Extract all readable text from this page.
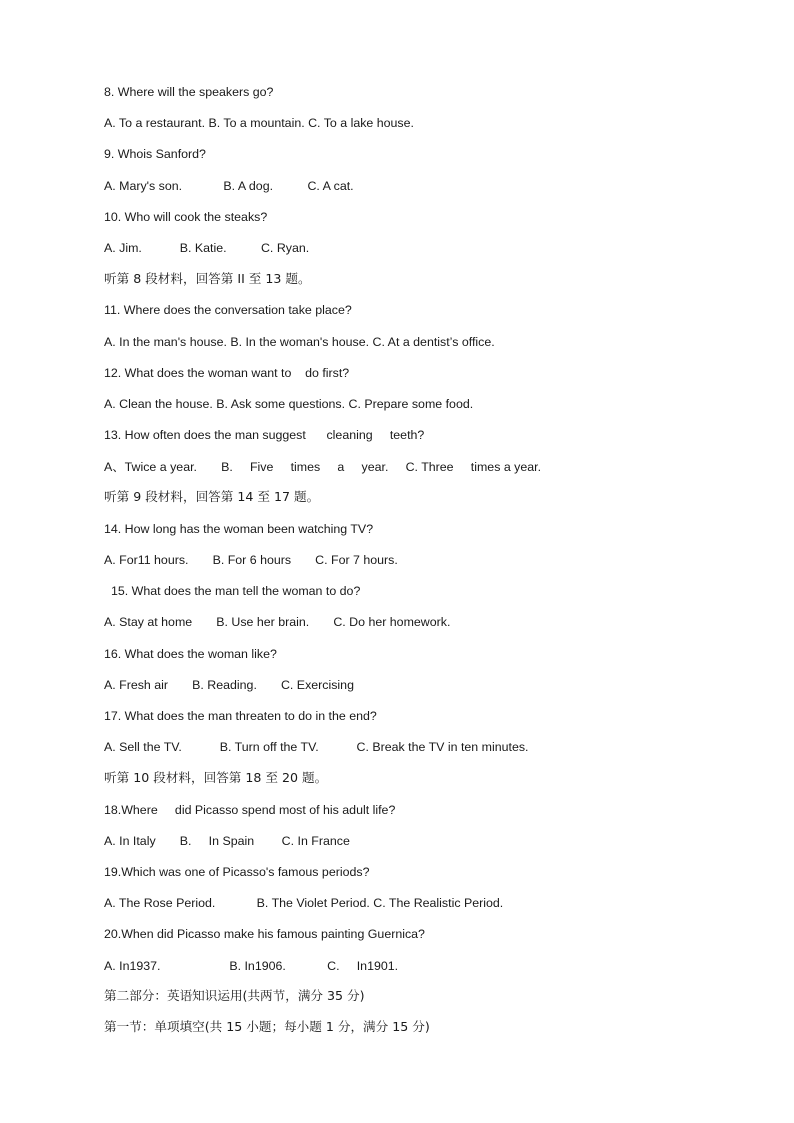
8. Where will the speakers go?
A. To a restaurant. B. To a mountain. C. To a lake house.
9. Whois Sanford?
A. Mary's son.            B. A dog.          C. A cat.
10. Who will cook the steaks?
A. Jim.           B. Katie.          C. Ryan.
听第 8 段材料，回答第 II 至 13 题。
11. Where does the conversation take place?
A. In the man's house. B. In the woman's house. C. At a dentist’s office.
12. What does the woman want to    do first?
A. Clean the house. B. Ask some questions. C. Prepare some food.
13. How often does the man suggest      cleaning     teeth?
A、Twice a year.       B.     Five     times     a     year.     C. Three     times a year.
听第 9 段材料，回答第 14 至 17 题。
14. How long has the woman been watching TV?
A. For11 hours.       B. For 6 hours       C. For 7 hours.
15. What does the man tell the woman to do?
A. Stay at home       B. Use her brain.       C. Do her homework.
16. What does the woman like?
A. Fresh air       B. Reading.       C. Exercising
17. What does the man threaten to do in the end?
A. Sell the TV.           B. Turn off the TV.           C. Break the TV in ten minutes.
听第 10 段材料，回答第 18 至 20 题。
18.Where     did Picasso spend most of his adult life?
A. In Italy       B.     In Spain        C. In France
19.Which was one of Picasso's famous periods?
A. The Rose Period.            B. The Violet Period. C. The Realistic Period.
20.When did Picasso make his famous painting Guernica?
A. In1937.                    B. In1906.            C.     In1901.
第二部分：英语知识运用(共两节，满分 35 分)
第一节：单项填空(共 15 小题；每小题 1 分，满分 15 分)
